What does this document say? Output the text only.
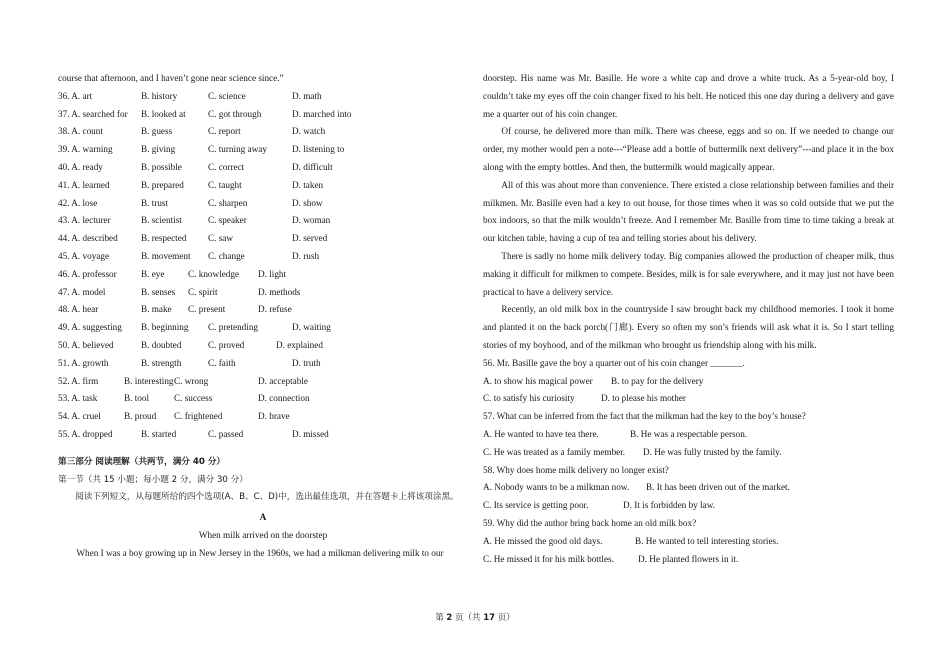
course that afternoon, and I haven’t gone near science since.”
36. A. art	B. history	C. science	D. math
37. A. searched for B. looked at C. got through	D. marched into
38. A. count	B. guess	C. report	D. watch
39. A. warning	B. giving	C. turning away	D. listening to
40. A. ready	B. possible	C. correct	D. difficult
41. A. learned	B. prepared	C. taught	D. taken
42. A. lose	B. trust	C. sharpen	D. show
43. A. lecturer	B. scientist	C. speaker	D. woman
44. A. described	B. respected C. saw	D. served
45. A. voyage	B. movement C. change	D. rush
46. A. professor	B. eye	C. knowledge D. light
47. A. model	B. senses C. spirit	D. methods
48. A. hear	B. make C. present	D. refuse
49. A. suggesting B. beginning C. pretending	D. waiting
50. A. believed	B. doubted	C. proved	D. explained
51. A. growth	B. strength	C. faith	D. truth
52. A. firm	B. interesting C. wrong	D. acceptable
53. A. task	B. tool	C. success	D. connection
54. A. cruel	B. proud C. frightened	D. brave
55. A. dropped	B. started	C. passed	D. missed
第三部分 阅读理解（共两节，满分 40 分）
第一节（共 15 小题；每小题 2 分，满分 30 分）

阅读下列短文，从每题所给的四个选项(A、B、C、D)中，选出最佳选项，并在答题卡上将该项涂黑。

A
When milk arrived on the doorstep
When I was a boy growing up in New Jersey in the 1960s, we had a milkman delivering milk to our

doorstep. His name was Mr. Basille. He wore a white cap and drove a white truck. As a 5-year-old boy, I couldn’t take my eyes off the coin changer fixed to his belt. He noticed this one day during a delivery and gave me a quarter out of his coin changer.

Of course, he delivered more than milk. There was cheese, eggs and so on. If we needed to change our order, my mother would pen a note---“Please add a bottle of buttermilk next delivery”---and place it in the box along with the empty bottles. And then, the buttermilk would magically appear.

All of this was about more than convenience. There existed a close relationship between families and their milkmen. Mr. Basille even had a key to out house, for those times when it was so cold outside that we put the box indoors, so that the milk wouldn’t freeze. And I remember Mr. Basille from time to time taking a break at our kitchen table, having a cup of tea and telling stories about his delivery.

There is sadly no home milk delivery today. Big companies allowed the production of cheaper milk, thus making it difficult for milkmen to compete. Besides, milk is for sale everywhere, and it may just not have been practical to have a delivery service.

Recently, an old milk box in the countryside I saw brought back my childhood memories. I took it home and planted it on the back porch(门廊). Every so often my son’s friends will ask what it is. So I start telling stories of my boyhood, and of the milkman who brought us friendship along with his milk.

56. Mr. Basille gave the boy a quarter out of his coin changer _______.
A. to show his magical power B. to pay for the delivery
C. to satisfy his curiosity	D. to please his mother
57. What can be inferred from the fact that the milkman had the key to the boy’s house?
A. He wanted to have tea there.	B. He was a respectable person.
C. He was treated as a family member. D. He was fully trusted by the family.
58. Why does home milk delivery no longer exist?
A. Nobody wants to be a milkman now. B. It has been driven out of the market.
C. Its service is getting poor.	D. It is forbidden by law.
59. Why did the author bring back home an old milk box?
A. He missed the good old days.	B. He wanted to tell interesting stories.
C. He missed it for his milk bottles.	D. He planted flowers in it.
第 2 页（共 17 页）
